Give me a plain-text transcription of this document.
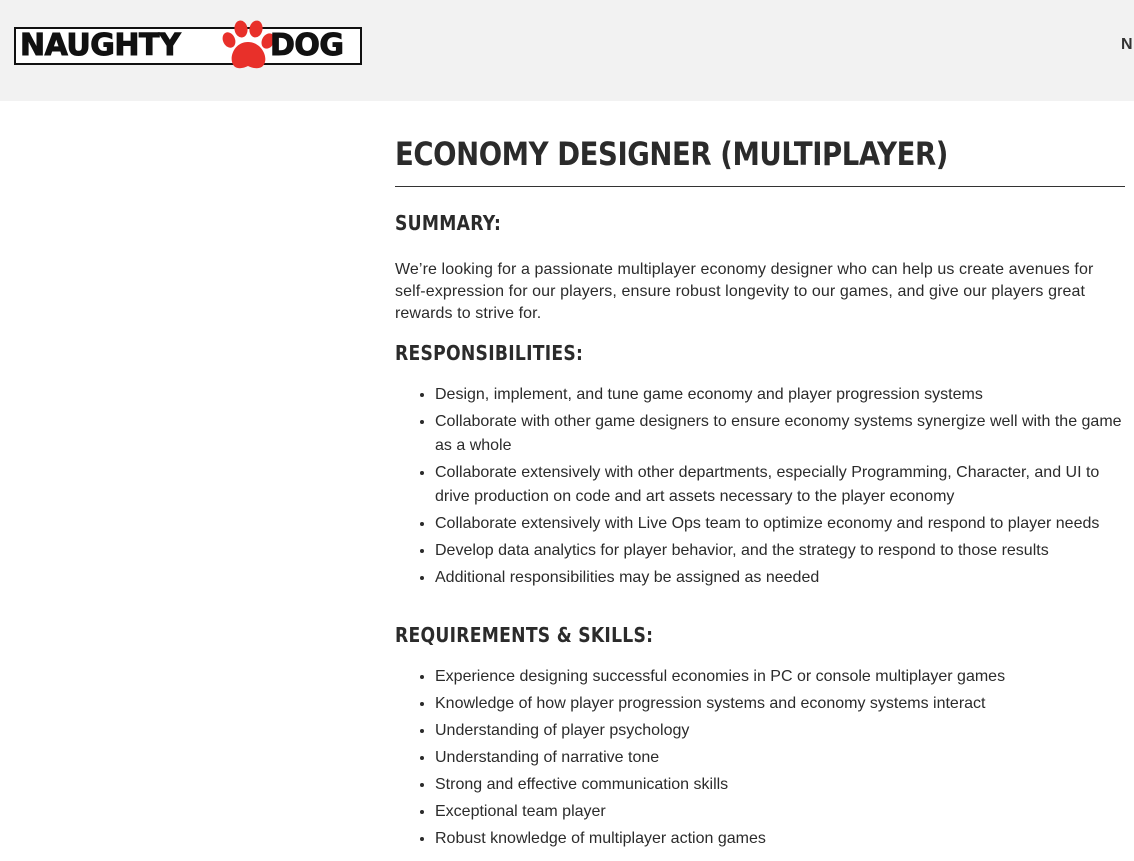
NAUGHTY	DOG	N
ECONOMY DESIGNER (MULTIPLAYER)
SUMMARY:

We’re looking for a passionate multiplayer economy designer who can help us create avenues for self-expression for our players, ensure robust longevity to our games, and give our players great rewards to strive for.

RESPONSIBILITIES:
• Design, implement, and tune game economy and player progression systems
• Collaborate with other game designers to ensure economy systems synergize well with the game as a whole
• Collaborate extensively with other departments, especially Programming, Character, and UI to drive production on code and art assets necessary to the player economy
• Collaborate extensively with Live Ops team to optimize economy and respond to player needs
• Develop data analytics for player behavior, and the strategy to respond to those results
• Additional responsibilities may be assigned as needed
REQUIREMENTS & SKILLS:
• Experience designing successful economies in PC or console multiplayer games
• Knowledge of how player progression systems and economy systems interact
• Understanding of player psychology
• Understanding of narrative tone
• Strong and effective communication skills
• Exceptional team player
• Robust knowledge of multiplayer action games
